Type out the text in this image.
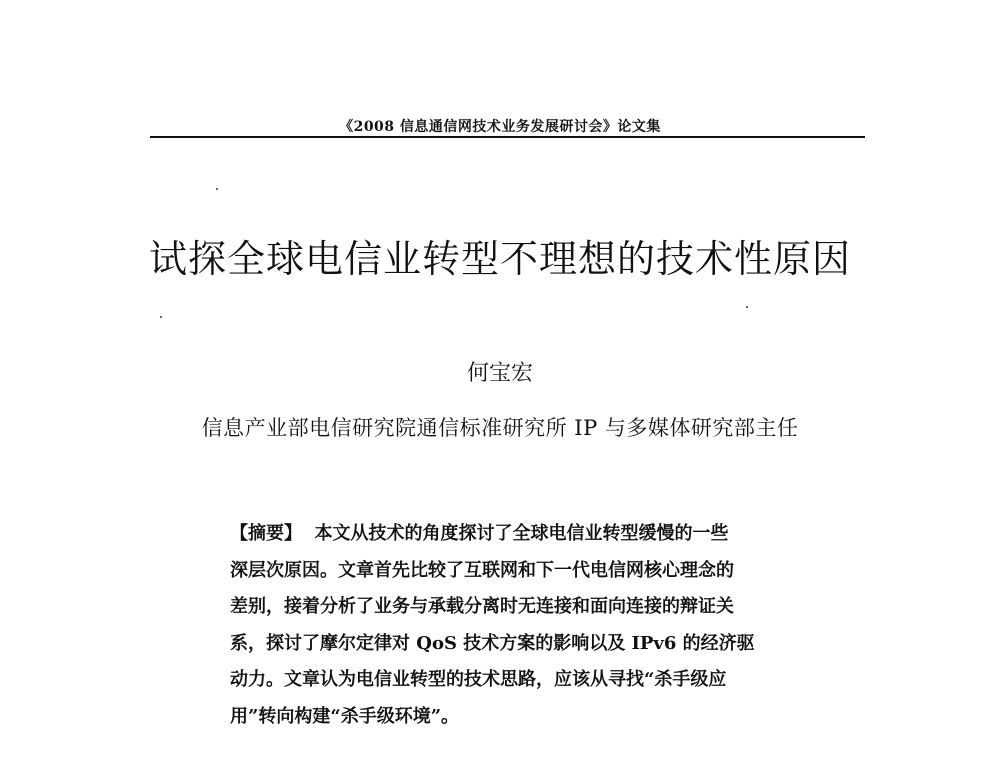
《2008 信息通信网技术业务发展研讨会》论文集
试探全球电信业转型不理想的技术性原因
何宝宏
信息产业部电信研究院通信标准研究所 IP 与多媒体研究部主任
【摘要】 本文从技术的角度探讨了全球电信业转型缓慢的一些
深层次原因。文章首先比较了互联网和下一代电信网核心理念的
差别，接着分析了业务与承载分离时无连接和面向连接的辩证关
系，探讨了摩尔定律对 QoS 技术方案的影响以及 IPv6 的经济驱
动力。文章认为电信业转型的技术思路，应该从寻找“杀手级应
用”转向构建“杀手级环境”。
